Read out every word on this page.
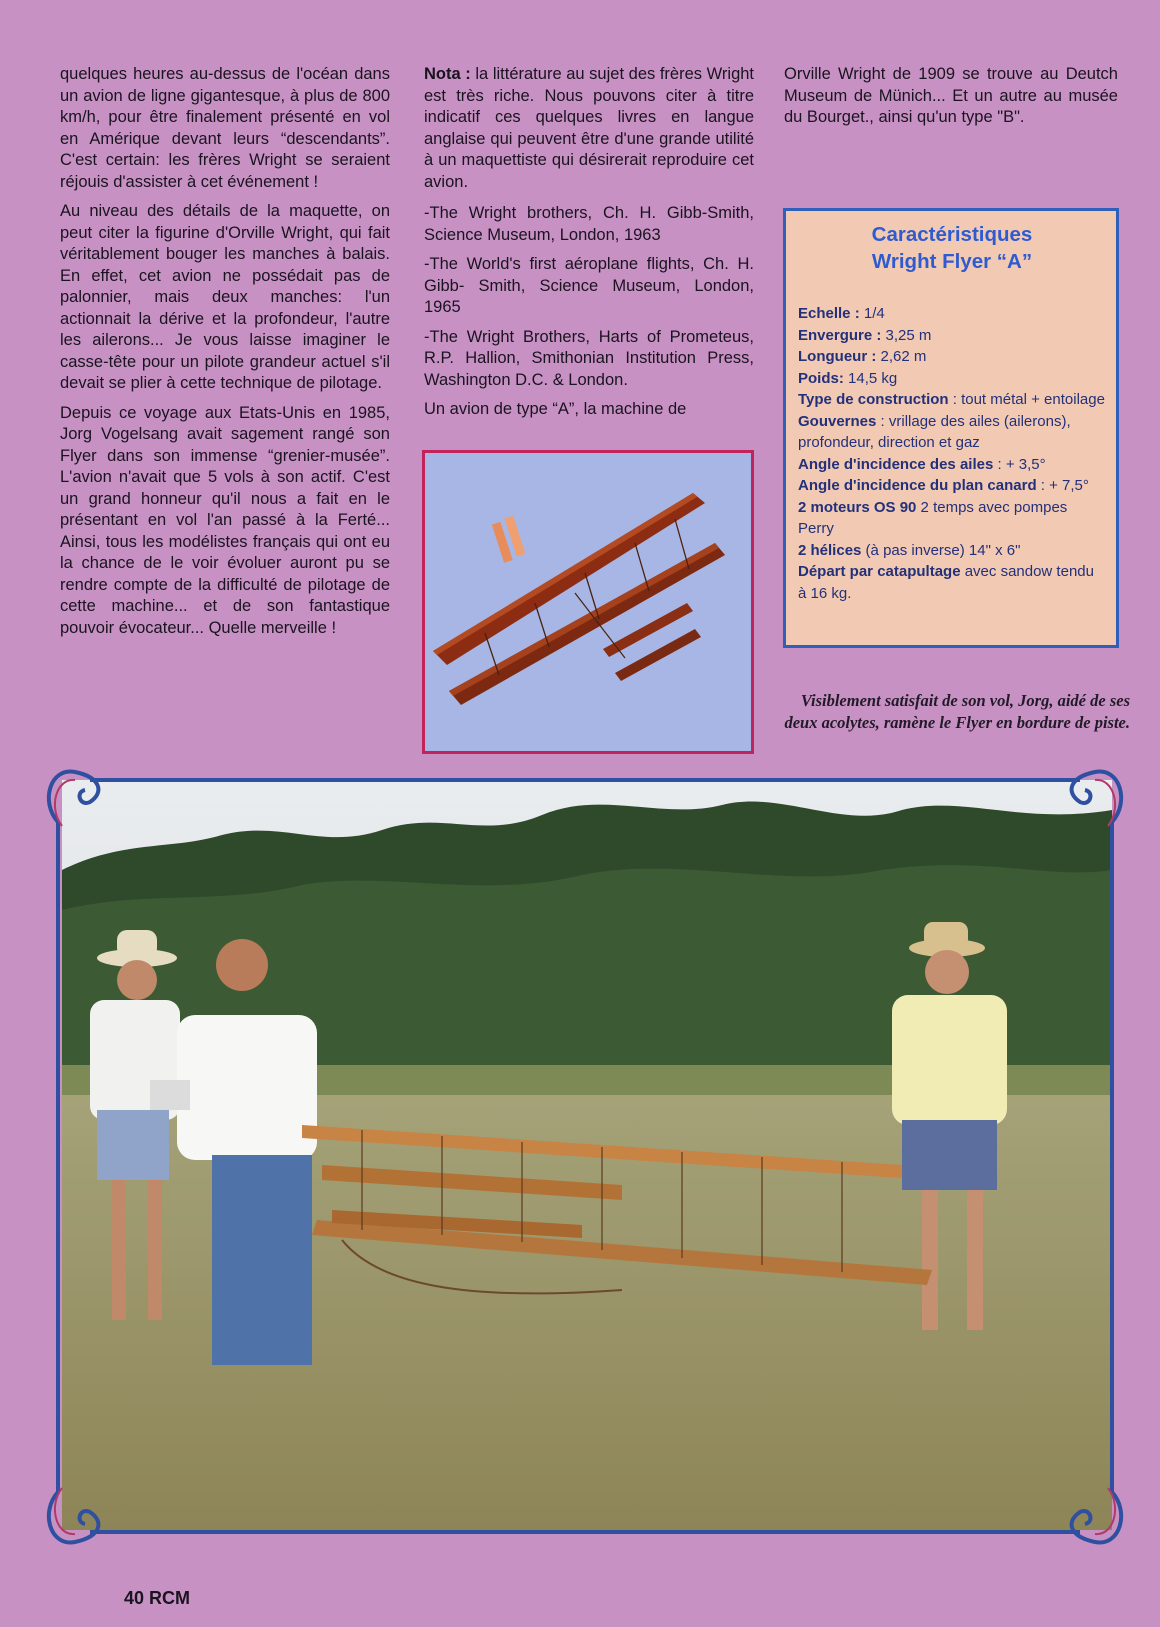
quelques heures au-dessus de l'océan dans un avion de ligne gigantesque, à plus de 800 km/h, pour être finalement présenté en vol en Amérique devant leurs “descendants”. C'est certain: les frères Wright se seraient réjouis d'assister à cet événement !

Au niveau des détails de la maquette, on peut citer la figurine d'Orville Wright, qui fait véritablement bouger les manches à balais. En effet, cet avion ne possédait pas de palonnier, mais deux manches: l'un actionnait la dérive et la profondeur, l'autre les ailerons... Je vous laisse imaginer le casse-tête pour un pilote grandeur actuel s'il devait se plier à cette technique de pilotage.

Depuis ce voyage aux Etats-Unis en 1985, Jorg Vogelsang avait sagement rangé son Flyer dans son immense “grenier-musée”. L'avion n'avait que 5 vols à son actif. C'est un grand honneur qu'il nous a fait en le présentant en vol l'an passé à la Ferté... Ainsi, tous les modélistes français qui ont eu la chance de le voir évoluer auront pu se rendre compte de la difficulté de pilotage de cette machine... et de son fantastique pouvoir évocateur... Quelle merveille !

Nota : la littérature au sujet des frères Wright est très riche. Nous pouvons citer à titre indicatif ces quelques livres en langue anglaise qui peuvent être d'une grande utilité à un maquettiste qui désirerait reproduire cet avion.

-The Wright brothers, Ch. H. Gibb-Smith, Science Museum, London, 1963

-The World's first aéroplane flights, Ch. H. Gibb- Smith, Science Museum, London, 1965

-The Wright Brothers, Harts of Prometeus, R.P. Hallion, Smithonian Institution Press, Washington D.C. & London.

Un avion de type “A”, la machine de

Orville Wright de 1909 se trouve au Deutch Museum de Münich... Et un autre au musée du Bourget., ainsi qu'un type "B".

Caractéristiques
Wright Flyer “A”

Echelle : 1/4

Envergure : 3,25 m

Longueur : 2,62 m

Poids: 14,5 kg

Type de construction : tout métal + entoilage

Gouvernes : vrillage des ailes (ailerons), profondeur, direction et gaz

Angle d'incidence des ailes : + 3,5°

Angle d'incidence du plan canard : + 7,5°

2 moteurs OS 90 2 temps avec pompes Perry

2 hélices (à pas inverse) 14" x 6"

Départ par catapultage avec sandow tendu à 16 kg.

Visiblement satisfait de son vol, Jorg, aidé de ses deux acolytes, ramène le Flyer en bordure de piste.
40 RCM
